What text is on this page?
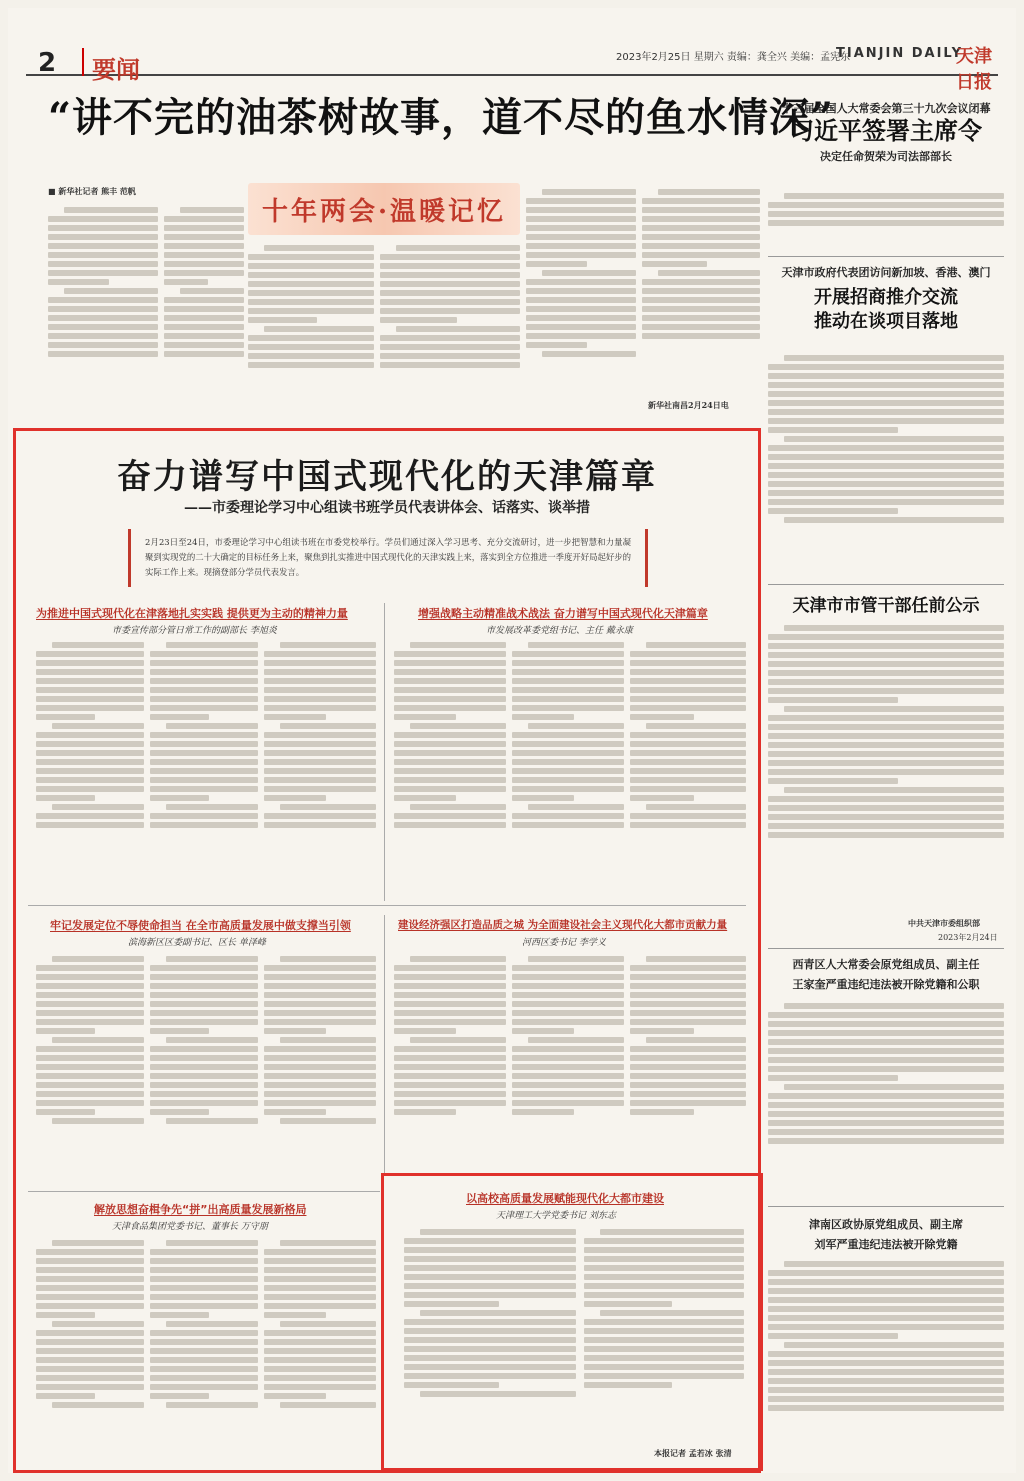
2 要闻	2023年2月25日 星期六 责编：龚全兴 美编：孟宪东
TIANJIN DAILY
天津日报
“讲不完的油茶树故事，道不尽的鱼水情深”
■ 新华社记者 熊丰 范帆
十年两会·温暖记忆
新华社南昌2月24日电
十三届全国人大常委会第三十九次会议闭幕
习近平签署主席令
决定任命贺荣为司法部部长
天津市政府代表团访问新加坡、香港、澳门
开展招商推介交流
推动在谈项目落地
天津市市管干部任前公示
中共天津市委组织部
2023年2月24日
西青区人大常委会原党组成员、副主任
王家奎严重违纪违法被开除党籍和公职
津南区政协原党组成员、副主席
刘军严重违纪违法被开除党籍
奋力谱写中国式现代化的天津篇章
——市委理论学习中心组读书班学员代表讲体会、话落实、谈举措
2月23日至24日，市委理论学习中心组读书班在市委党校举行。学员们通过深入学习思考、充分交流研讨，进一步把智慧和力量凝聚到实现党的二十大确定的目标任务上来，聚焦到扎实推进中国式现代化的天津实践上来，落实到全方位推进一季度开好局起好步的实际工作上来。现摘登部分学员代表发言。
为推进中国式现代化在津落地扎实实践 提供更为主动的精神力量
市委宣传部分管日常工作的副部长 李旭炎
增强战略主动精准战术战法 奋力谱写中国式现代化天津篇章
市发展改革委党组书记、主任 戴永康
牢记发展定位不辱使命担当 在全市高质量发展中做支撑当引领
滨海新区区委副书记、区长 单泽峰
建设经济强区打造品质之城 为全面建设社会主义现代化大都市贡献力量
河西区委书记 李学义
解放思想奋楫争先“拼”出高质量发展新格局
天津食品集团党委书记、董事长 万守朋
以高校高质量发展赋能现代化大都市建设
天津理工大学党委书记 刘东志
本报记者 孟若冰 张清
